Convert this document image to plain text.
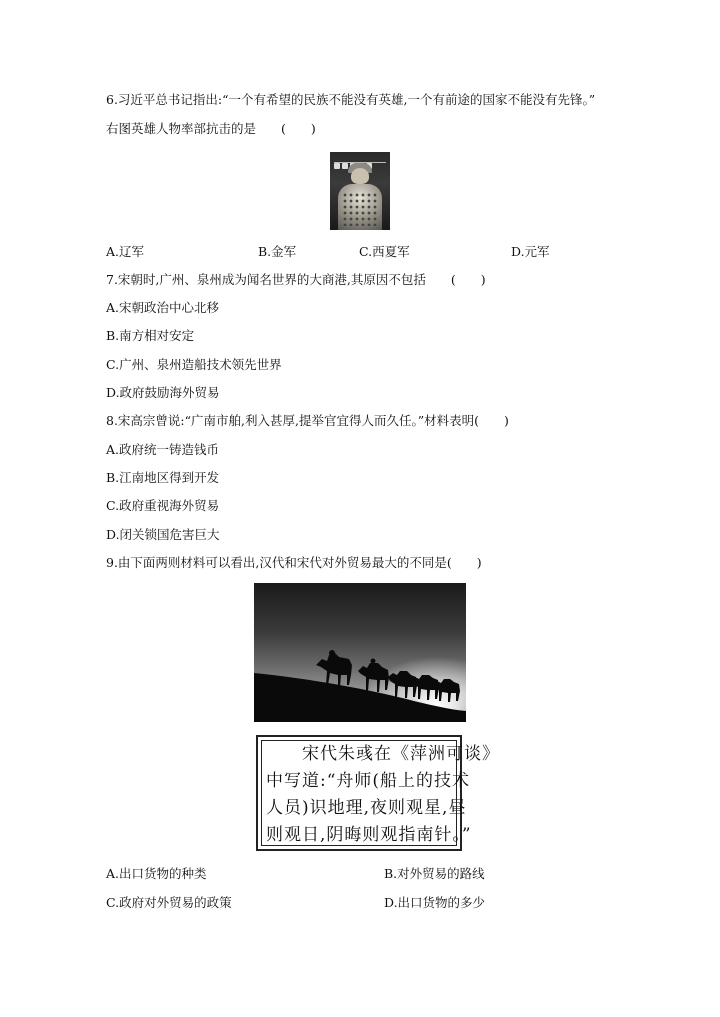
6.习近平总书记指出:“一个有希望的民族不能没有英雄,一个有前途的国家不能没有先锋。”
右图英雄人物率部抗击的是　　(　　)
A.辽军	B.金军	C.西夏军	D.元军
7.宋朝时,广州、泉州成为闻名世界的大商港,其原因不包括　　(　　)
A.宋朝政治中心北移
B.南方相对安定
C.广州、泉州造船技术领先世界
D.政府鼓励海外贸易
8.宋高宗曾说:“广南市舶,利入甚厚,提举官宜得人而久任。”材料表明(　　)
A.政府统一铸造钱币
B.江南地区得到开发
C.政府重视海外贸易
D.闭关锁国危害巨大
9.由下面两则材料可以看出,汉代和宋代对外贸易最大的不同是(　　)
宋代朱彧在《萍洲可谈》
中写道:“舟师(船上的技术
人员)识地理,夜则观星,昼
则观日,阴晦则观指南针。”
A.出口货物的种类	B.对外贸易的路线
C.政府对外贸易的政策	D.出口货物的多少
